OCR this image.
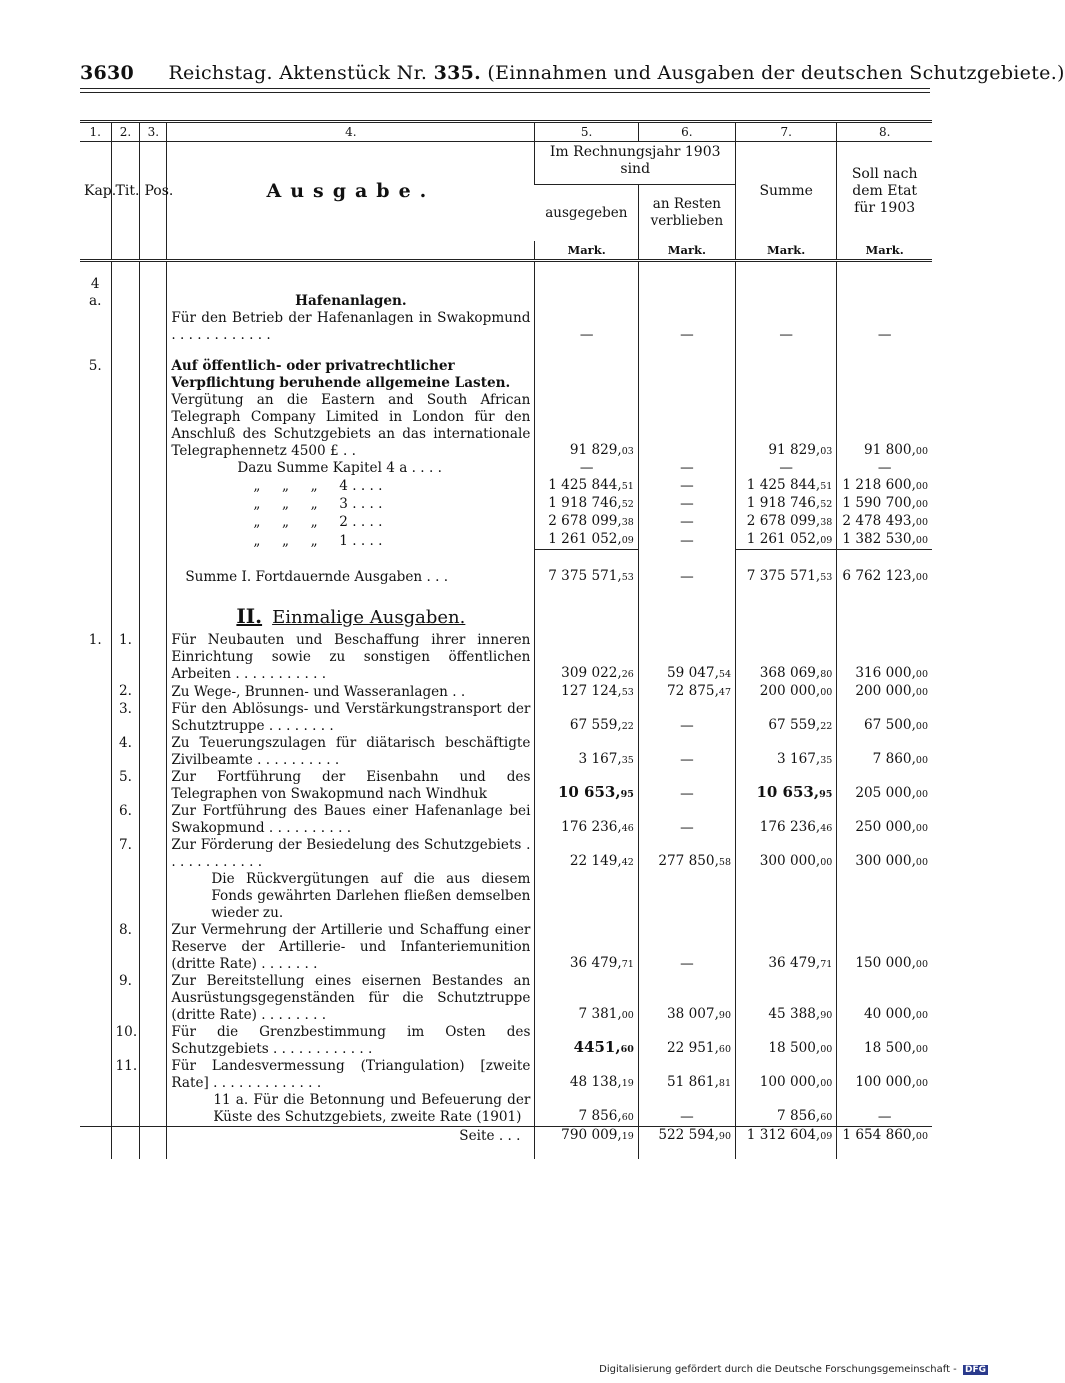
3630 Reichstag. Aktenstück Nr. 335. (Einnahmen und Ausgaben der deutschen Schutzgebiete.)
1.	2.	3.	4.	5.	6.	7.	8.
Kap.	Tit.	Pos.	Ausgabe.	Im Rechnungsjahr 1903 sind		Summe	Soll nach dem Etat für 1903
				ausgegeben	an Resten verblieben		
				Mark.	Mark.	Mark.	Mark.
4 a.			Hafenanlagen.				
			Für den Betrieb der Hafenanlagen in Swakopmund . . . . . . . . . . . .	—	—	—	—
5.			Auf öffentlich- oder privatrechtlicher Verpflichtung beruhende allgemeine Lasten.				
			Vergütung an die Eastern and South African Telegraph Company Limited in London für den Anschluß des Schutzgebiets an das internationale Telegraphennetz 4500 £ . .	91 829,03		91 829,03	91 800,00
			Dazu Summe Kapitel 4 a . . . .	—	—	—	—
			„     „     „     4 . . . .	1 425 844,51	—	1 425 844,51	1 218 600,00
			„     „     „     3 . . . .	1 918 746,52	—	1 918 746,52	1 590 700,00
			„     „     „     2 . . . .	2 678 099,38	—	2 678 099,38	2 478 493,00
			„     „     „     1 . . . .	1 261 052,09	—	1 261 052,09	1 382 530,00

			Summe I. Fortdauernde Ausgaben . . .	7 375 571,53	—	7 375 571,53	6 762 123,00

			II. Einmalige Ausgaben.				
1.	1.		Für Neubauten und Beschaffung ihrer inneren Einrichtung sowie zu sonstigen öffentlichen Arbeiten . . . . . . . . . . .	309 022,26	59 047,54	368 069,80	316 000,00
	2.		Zu Wege-, Brunnen- und Wasseranlagen . .	127 124,53	72 875,47	200 000,00	200 000,00
	3.		Für den Ablösungs- und Verstärkungstransport der Schutztruppe . . . . . . . .	67 559,22	—	67 559,22	67 500,00
	4.		Zu Teuerungszulagen für diätarisch beschäftigte Zivilbeamte . . . . . . . . . .	3 167,35	—	3 167,35	7 860,00
	5.		Zur Fortführung der Eisenbahn und des Telegraphen von Swakopmund nach Windhuk	10 653,95	—	10 653,95	205 000,00
	6.		Zur Fortführung des Baues einer Hafenanlage bei Swakopmund . . . . . . . . . .	176 236,46	—	176 236,46	250 000,00
	7.		Zur Förderung der Besiedelung des Schutzgebiets . . . . . . . . . . . .	22 149,42	277 850,58	300 000,00	300 000,00
			Die Rückvergütungen auf die aus diesem Fonds gewährten Darlehen fließen demselben wieder zu.				
	8.		Zur Vermehrung der Artillerie und Schaffung einer Reserve der Artillerie- und Infanteriemunition (dritte Rate) . . . . . . .	36 479,71	—	36 479,71	150 000,00
	9.		Zur Bereitstellung eines eisernen Bestandes an Ausrüstungsgegenständen für die Schutztruppe (dritte Rate) . . . . . . . .	7 381,00	38 007,90	45 388,90	40 000,00
	10.		Für die Grenzbestimmung im Osten des Schutzgebiets . . . . . . . . . . . .	4451,60	22 951,60	18 500,00	18 500,00
	11.		Für Landesvermessung (Triangulation) [zweite Rate] . . . . . . . . . . . . .	48 138,19	51 861,81	100 000,00	100 000,00
			11 a. Für die Betonnung und Befeuerung der Küste des Schutzgebiets, zweite Rate (1901)	7 856,60	—	7 856,60	—
			Seite . . .	790 009,19	522 594,90	1 312 604,09	1 654 860,00

Digitalisierung gefördert durch die Deutsche Forschungsgemeinschaft - DFG
